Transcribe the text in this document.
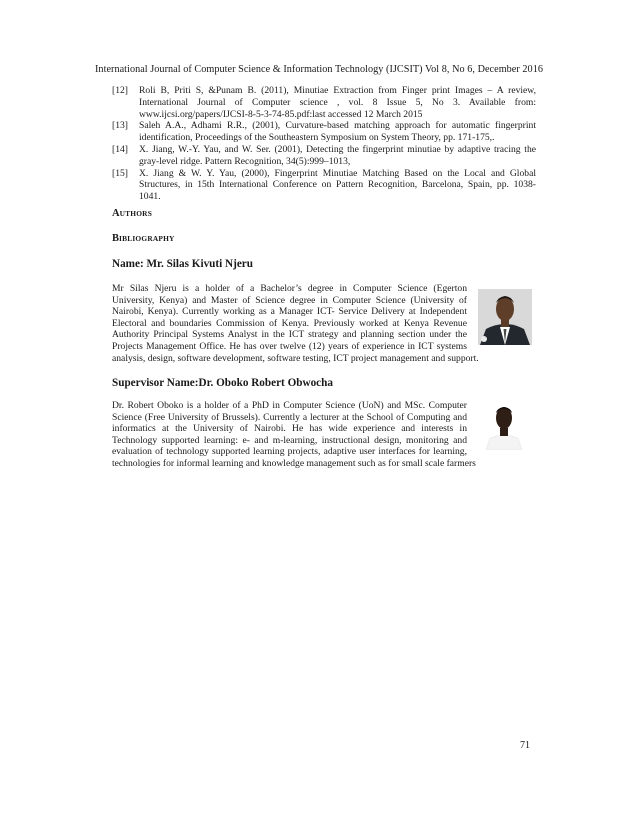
International Journal of Computer Science & Information Technology (IJCSIT) Vol 8, No 6, December 2016
[12]	Roli B, Priti S, &Punam B. (2011), Minutiae Extraction from Finger print Images – A review,
International Journal of Computer science , vol. 8 Issue 5, No 3. Available from:
www.ijcsi.org/papers/IJCSI-8-5-3-74-85.pdf:last accessed 12 March 2015
[13]	Saleh A.A., Adhami R.R., (2001), Curvature-based matching approach for automatic fingerprint
identification, Proceedings of the Southeastern Symposium on System Theory, pp. 171-175,.
[14]	X. Jiang, W.-Y. Yau, and W. Ser. (2001), Detecting the fingerprint minutiae by adaptive tracing the
gray-level ridge. Pattern Recognition, 34(5):999–1013,
[15]	X. Jiang & W. Y. Yau, (2000), Fingerprint Minutiae Matching Based on the Local and Global
Structures, in 15th International Conference on Pattern Recognition, Barcelona, Spain, pp. 1038-
1041.
AUTHORS
BIBLIOGRAPHY
Name: Mr. Silas Kivuti Njeru
Mr Silas Njeru is a holder of a Bachelor’s degree in Computer Science (Egerton
University, Kenya) and Master of Science degree in Computer Science (University of
Nairobi, Kenya). Currently working as a Manager ICT- Service Delivery at Independent
Electoral and boundaries Commission of Kenya. Previously worked at Kenya Revenue
Authority Principal Systems Analyst in the ICT strategy and planning section under the
Projects Management Office. He has over twelve (12) years of experience in ICT systems
analysis, design, software development, software testing, ICT project management and support.
Supervisor Name:Dr. Oboko Robert Obwocha
Dr. Robert Oboko is a holder of a PhD in Computer Science (UoN) and MSc. Computer
Science (Free University of Brussels). Currently a lecturer at the School of Computing and
informatics at the University of Nairobi. He has wide experience and interests in
Technology supported learning: e- and m-learning, instructional design, monitoring and
evaluation of technology supported learning projects, adaptive user interfaces for learning,
technologies for informal learning and knowledge management such as for small scale farmers
71
